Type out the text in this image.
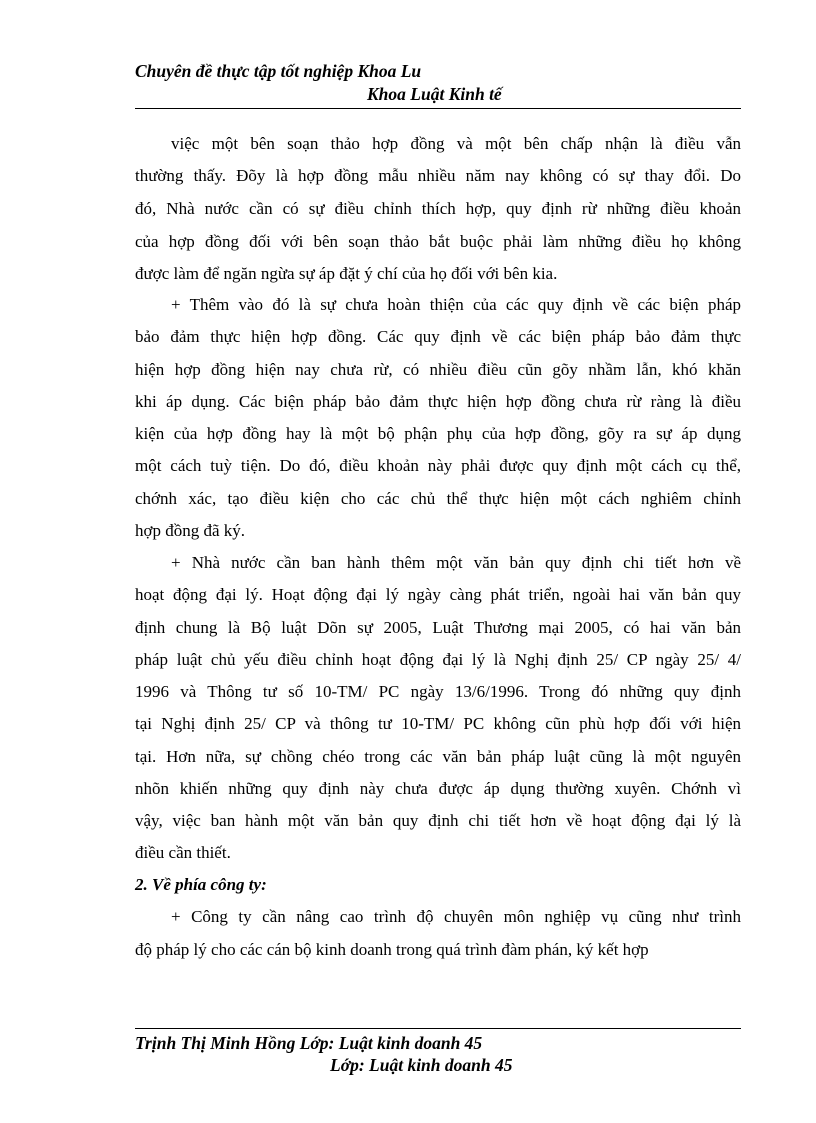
Chuyên đề thực tập tốt nghiệp Khoa Lu
Khoa Luật Kinh tế
việc một bên soạn thảo hợp đồng và một bên chấp nhận là điều vẫn
thường thấy. Đõy là hợp đồng mẫu nhiều năm nay không có sự thay đổi. Do
đó, Nhà nước cần có sự điều chỉnh thích hợp, quy định rừ những điều khoản
của hợp đồng đối với bên soạn thảo bắt buộc phải làm những điều họ không
được làm để ngăn ngừa sự áp đặt ý chí của họ đối với bên kia.
+ Thêm vào đó là sự chưa hoàn thiện của các quy định về các biện pháp
bảo đảm thực hiện hợp đồng. Các quy định về các biện pháp bảo đảm thực
hiện hợp đồng hiện nay chưa rừ, có nhiều điều cũn gõy nhầm lẫn, khó khăn
khi áp dụng. Các biện pháp bảo đảm thực hiện hợp đồng chưa rừ ràng là điều
kiện của hợp đồng hay là một bộ phận phụ của hợp đồng, gõy ra sự áp dụng
một cách tuỳ tiện. Do đó, điều khoản này phải được quy định một cách cụ thể,
chớnh xác, tạo điều kiện cho các chủ thể thực hiện một cách nghiêm chỉnh
hợp đồng đã ký.
+ Nhà nước cần ban hành thêm một văn bản quy định chi tiết hơn về
hoạt động đại lý. Hoạt động đại lý ngày càng phát triển, ngoài hai văn bản quy
định chung là Bộ luật Dõn sự 2005, Luật Thương mại 2005, có hai văn bản
pháp luật chủ yếu điều chỉnh hoạt động đại lý là Nghị định 25/ CP ngày 25/ 4/
1996 và Thông tư số 10-TM/ PC ngày 13/6/1996. Trong đó những quy định
tại Nghị định 25/ CP và thông tư 10-TM/ PC không cũn phù hợp đối với hiện
tại. Hơn nữa, sự chồng chéo trong các văn bản pháp luật cũng là một nguyên
nhõn khiến những quy định này chưa được áp dụng thường xuyên. Chớnh vì
vậy, việc ban hành một văn bản quy định chi tiết hơn về hoạt động đại lý là
điều cần thiết.
2. Về phía công ty:
+ Công ty cần nâng cao trình độ chuyên môn nghiệp vụ cũng như trình
độ pháp lý cho các cán bộ kinh doanh trong quá trình đàm phán, ký kết hợp
Trịnh Thị Minh Hồng Lớp: Luật kinh doanh 45
Lớp: Luật kinh doanh 45
